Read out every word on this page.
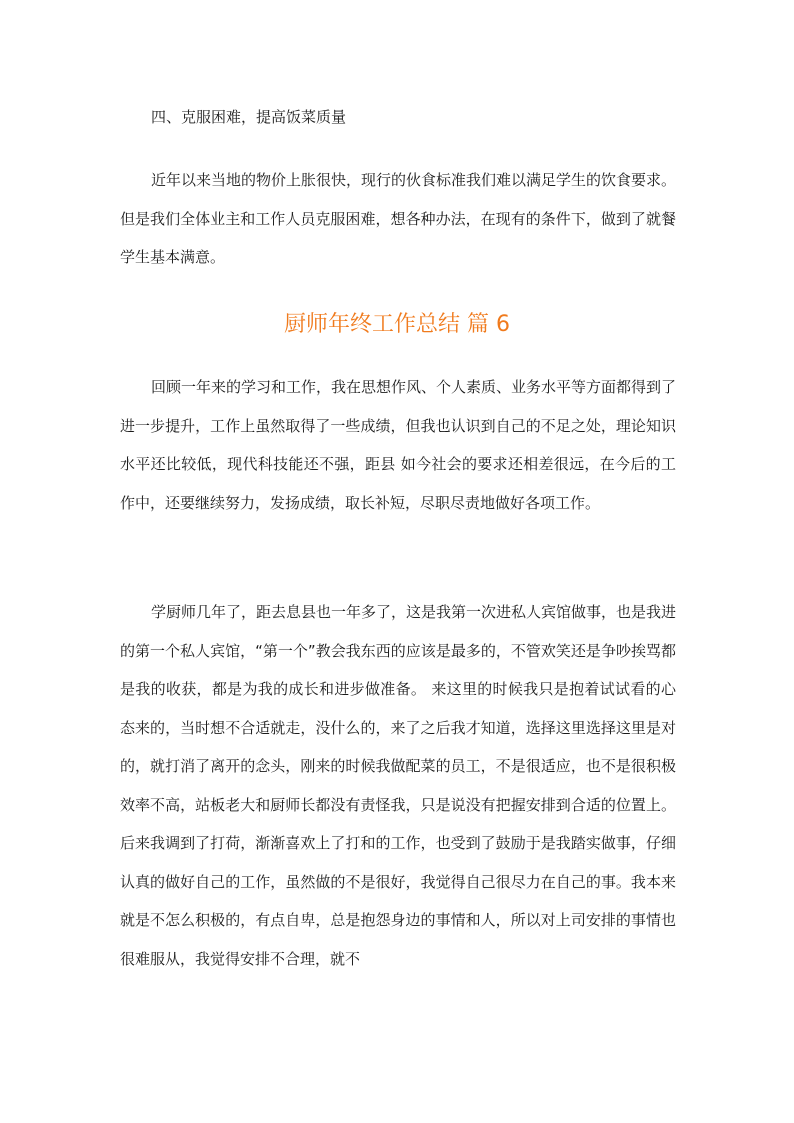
四、克服困难，提高饭菜质量

近年以来当地的物价上胀很快，现行的伙食标准我们难以满足学生的饮食要求。但是我们全体业主和工作人员克服困难，想各种办法，在现有的条件下，做到了就餐学生基本满意。

厨师年终工作总结 篇 6

回顾一年来的学习和工作，我在思想作风、个人素质、业务水平等方面都得到了进一步提升，工作上虽然取得了一些成绩，但我也认识到自己的不足之处，理论知识水平还比较低，现代科技能还不强，距县 如今社会的要求还相差很远，在今后的工作中，还要继续努力，发扬成绩，取长补短，尽职尽责地做好各项工作。

学厨师几年了，距去息县也一年多了，这是我第一次进私人宾馆做事，也是我进的第一个私人宾馆，“第一个”教会我东西的应该是最多的，不管欢笑还是争吵挨骂都是我的收获，都是为我的成长和进步做准备。 来这里的时候我只是抱着试试看的心态来的，当时想不合适就走，没什么的，来了之后我才知道，选择这里选择这里是对的，就打消了离开的念头，刚来的时候我做配菜的员工，不是很适应，也不是很积极效率不高，站板老大和厨师长都没有责怪我，只是说没有把握安排到合适的位置上。后来我调到了打荷，渐渐喜欢上了打和的工作，也受到了鼓励于是我踏实做事，仔细认真的做好自己的工作，虽然做的不是很好，我觉得自己很尽力在自己的事。我本来就是不怎么积极的，有点自卑，总是抱怨身边的事情和人，所以对上司安排的事情也很难服从，我觉得安排不合理，就不
